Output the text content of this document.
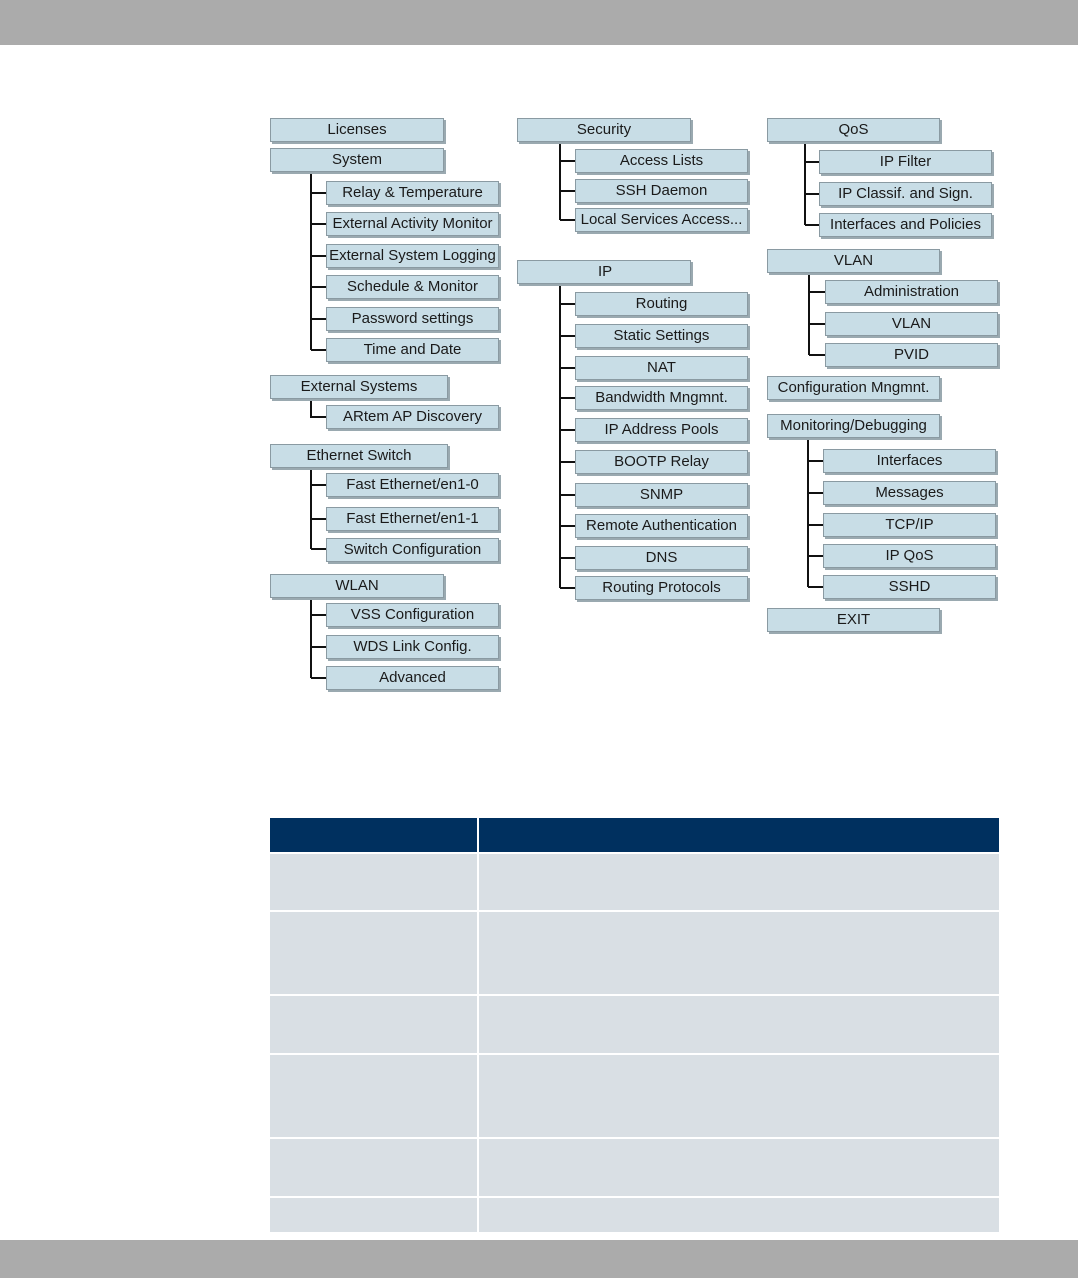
Licenses
System
Relay & Temperature
External Activity Monitor
External System Logging
Schedule & Monitor
Password settings
Time and Date
External Systems
ARtem AP Discovery
Ethernet Switch
Fast Ethernet/en1-0
Fast Ethernet/en1-1
Switch Configuration
WLAN
VSS Configuration
WDS Link Config.
Advanced
Security
Access Lists
SSH Daemon
Local Services Access...
IP
Routing
Static Settings
NAT
Bandwidth Mngmnt.
IP Address Pools
BOOTP Relay
SNMP
Remote Authentication
DNS
Routing Protocols
QoS
IP Filter
IP Classif. and Sign.
Interfaces and Policies
VLAN
Administration
VLAN
PVID
Configuration Mngmnt.
Monitoring/Debugging
Interfaces
Messages
TCP/IP
IP QoS
SSHD
EXIT
